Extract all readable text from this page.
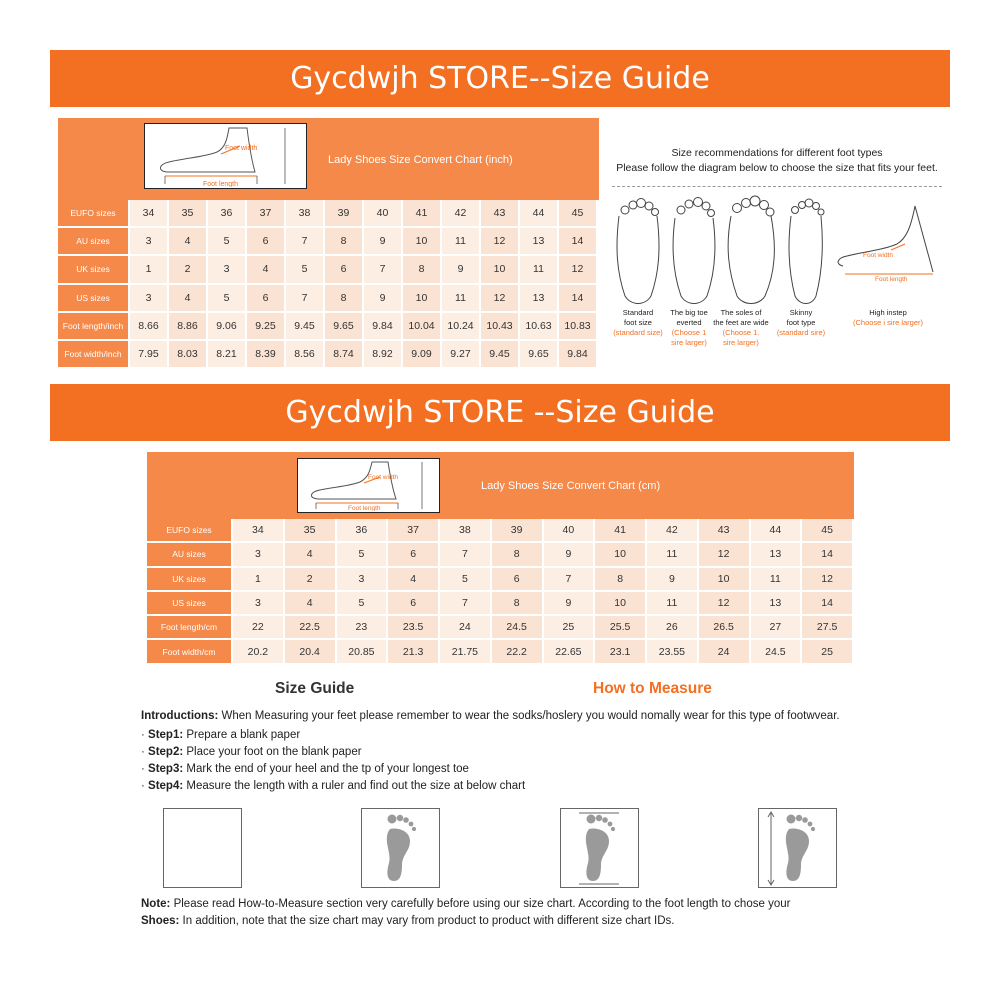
Gycdwjh STORE--Size Guide
Gycdwjh STORE --Size Guide
Foot width
Foot length
Lady Shoes Size Convert Chart (inch)
EUFO sizes	34	35	36	37	38	39	40	41	42	43	44	45
AU sizes	3	4	5	6	7	8	9	10	11	12	13	14
UK sizes	1	2	3	4	5	6	7	8	9	10	11	12
US sizes	3	4	5	6	7	8	9	10	11	12	13	14
Foot length/inch	8.66	8.86	9.06	9.25	9.45	9.65	9.84	10.04	10.24	10.43	10.63	10.83
Foot width/inch	7.95	8.03	8.21	8.39	8.56	8.74	8.92	9.09	9.27	9.45	9.65	9.84
Size recommendations for different foot types
Please follow the diagram below to choose the size that fits your feet.
Foot width
Foot length
Standard
foot size
(standard size)
The big toe
everted
(Choose 1
sire larger)
The soles of
the feet are wide
(Choose 1.
sire larger)
Skinny
foot type
(standard sire)
High instep
(Choose i sire larger)
Foot width
Foot length
Lady Shoes Size Convert Chart (cm)
EUFO sizes	34	35	36	37	38	39	40	41	42	43	44	45
AU sizes	3	4	5	6	7	8	9	10	11	12	13	14
UK sizes	1	2	3	4	5	6	7	8	9	10	11	12
US sizes	3	4	5	6	7	8	9	10	11	12	13	14
Foot length/cm	22	22.5	23	23.5	24	24.5	25	25.5	26	26.5	27	27.5
Foot width/cm	20.2	20.4	20.85	21.3	21.75	22.2	22.65	23.1	23.55	24	24.5	25
Size Guide	How to Measure
Introductions: When Measuring your feet please remember to wear the sodks/hoslery you would nomally wear for this type of footwvear.
· Step1: Prepare a blank paper
· Step2: Place your foot on the blank paper
· Step3: Mark the end of your heel and the tp of your longest toe
· Step4: Measure the length with a ruler and find out the size at below chart
Note: Please read How-to-Measure section very carefully before using our size chart. According to the foot length to chose your
Shoes: In addition, note that the size chart may vary from product to product with different size chart IDs.
